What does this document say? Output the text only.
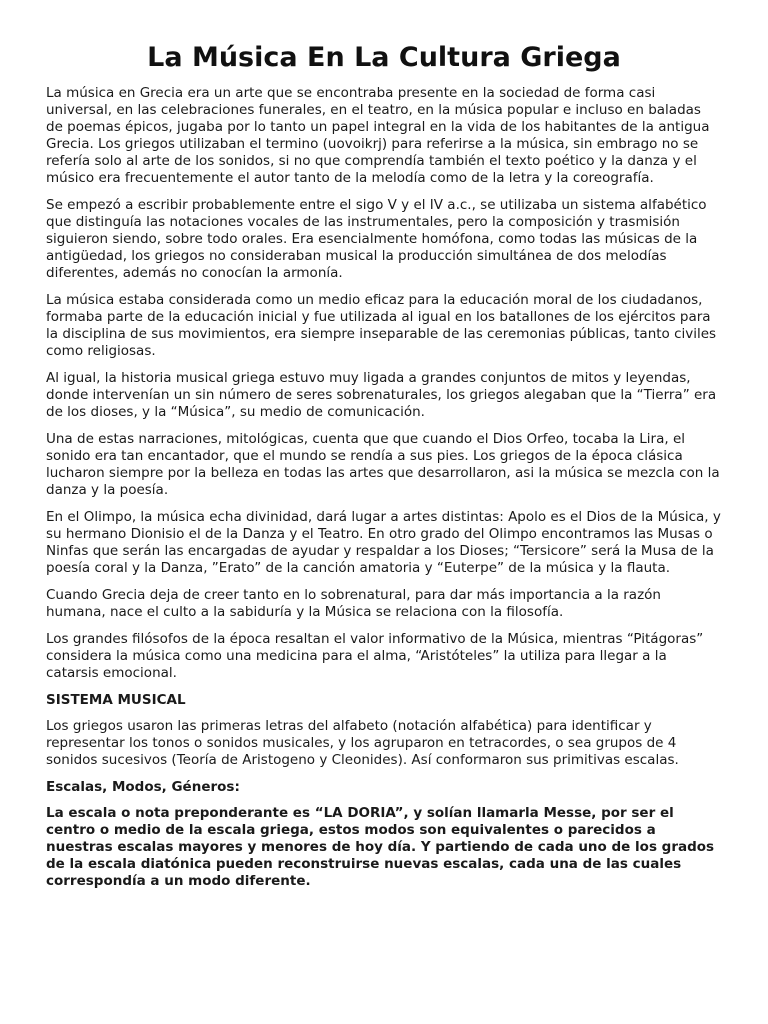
La Música En La Cultura Griega

La música en Grecia era un arte que se encontraba presente en la sociedad de forma casi universal, en las celebraciones funerales, en el teatro, en la música popular e incluso en baladas de poemas épicos, jugaba por lo tanto un papel integral en la vida de los habitantes de la antigua Grecia. Los griegos utilizaban el termino (uovoikrj) para referirse a la música, sin embrago no se refería solo al arte de los sonidos, si no que comprendía también el texto poético y la danza y el músico era frecuentemente el autor tanto de la melodía como de la letra y la coreografía.

Se empezó a escribir probablemente entre el sigo V y el IV a.c., se utilizaba un sistema alfabético que distinguía las notaciones vocales de las instrumentales, pero la composición y trasmisión siguieron siendo, sobre todo orales. Era esencialmente homófona, como todas las músicas de la antigüedad, los griegos no consideraban musical la producción simultánea de dos melodías diferentes, además no conocían la armonía.

La música estaba considerada como un medio eficaz para la educación moral de los ciudadanos, formaba parte de la educación inicial y fue utilizada al igual en los batallones de los ejércitos para la disciplina de sus movimientos, era siempre inseparable de las ceremonias públicas, tanto civiles como religiosas.

Al igual, la historia musical griega estuvo muy ligada a grandes conjuntos de mitos y leyendas, donde intervenían un sin número de seres sobrenaturales, los griegos alegaban que la “Tierra” era de los dioses, y la “Música”, su medio de comunicación.

Una de estas narraciones, mitológicas, cuenta que que cuando el Dios Orfeo, tocaba la Lira, el sonido era tan encantador, que el mundo se rendía a sus pies. Los griegos de la época clásica lucharon siempre por la belleza en todas las artes que desarrollaron, asi la música se mezcla con la danza y la poesía.

En el Olimpo, la música echa divinidad, dará lugar a artes distintas: Apolo es el Dios de la Música, y su hermano Dionisio el de la Danza y el Teatro. En otro grado del Olimpo encontramos las Musas o Ninfas que serán las encargadas de ayudar y respaldar a los Dioses; “Tersicore” será la Musa de la poesía coral y la Danza, ”Erato” de la canción amatoria y “Euterpe” de la música y la flauta.

Cuando Grecia deja de creer tanto en lo sobrenatural, para dar más importancia a la razón humana, nace el culto a la sabiduría y la Música se relaciona con la filosofía.

Los grandes filósofos de la época resaltan el valor informativo de la Música, mientras “Pitágoras” considera la música como una medicina para el alma, “Aristóteles” la utiliza para llegar a la catarsis emocional.

SISTEMA MUSICAL

Los griegos usaron las primeras letras del alfabeto (notación alfabética) para identificar y representar los tonos o sonidos musicales, y los agruparon en tetracordes, o sea grupos de 4 sonidos sucesivos (Teoría de Aristogeno y Cleonides). Así conformaron sus primitivas escalas.

Escalas, Modos, Géneros:

La escala o nota preponderante es “LA DORIA”, y solían llamarla Messe, por ser el centro o medio de la escala griega, estos modos son equivalentes o parecidos a nuestras escalas mayores y menores de hoy día. Y partiendo de cada uno de los grados de la escala diatónica pueden reconstruirse nuevas escalas, cada una de las cuales correspondía a un modo diferente.
